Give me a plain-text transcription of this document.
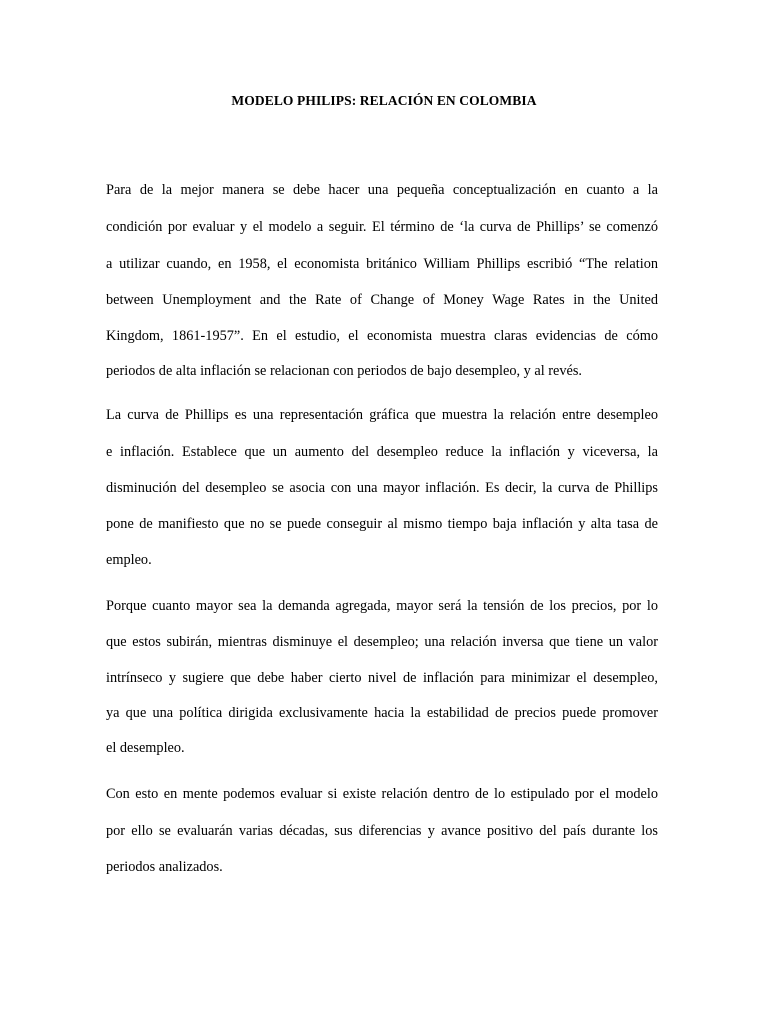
MODELO PHILIPS: RELACIÓN EN COLOMBIA
Para de la mejor manera se debe hacer una pequeña conceptualización en cuanto a la
condición por evaluar y el modelo a seguir. El término de ‘la curva de Phillips’ se comenzó
a utilizar cuando, en 1958, el economista británico William Phillips escribió “The relation
between Unemployment and the Rate of Change of Money Wage Rates in the United
Kingdom, 1861-1957”. En el estudio, el economista muestra claras evidencias de cómo
periodos de alta inflación se relacionan con periodos de bajo desempleo, y al revés.
La curva de Phillips es una representación gráfica que muestra la relación entre desempleo
e inflación. Establece que un aumento del desempleo reduce la inflación y viceversa, la
disminución del desempleo se asocia con una mayor inflación. Es decir, la curva de Phillips
pone de manifiesto que no se puede conseguir al mismo tiempo baja inflación y alta tasa de
empleo.
Porque cuanto mayor sea la demanda agregada, mayor será la tensión de los precios, por lo
que estos subirán, mientras disminuye el desempleo; una relación inversa que tiene un valor
intrínseco y sugiere que debe haber cierto nivel de inflación para minimizar el desempleo,
ya que una política dirigida exclusivamente hacia la estabilidad de precios puede promover
el desempleo.
Con esto en mente podemos evaluar si existe relación dentro de lo estipulado por el modelo
por ello se evaluarán varias décadas, sus diferencias y avance positivo del país durante los
periodos analizados.
